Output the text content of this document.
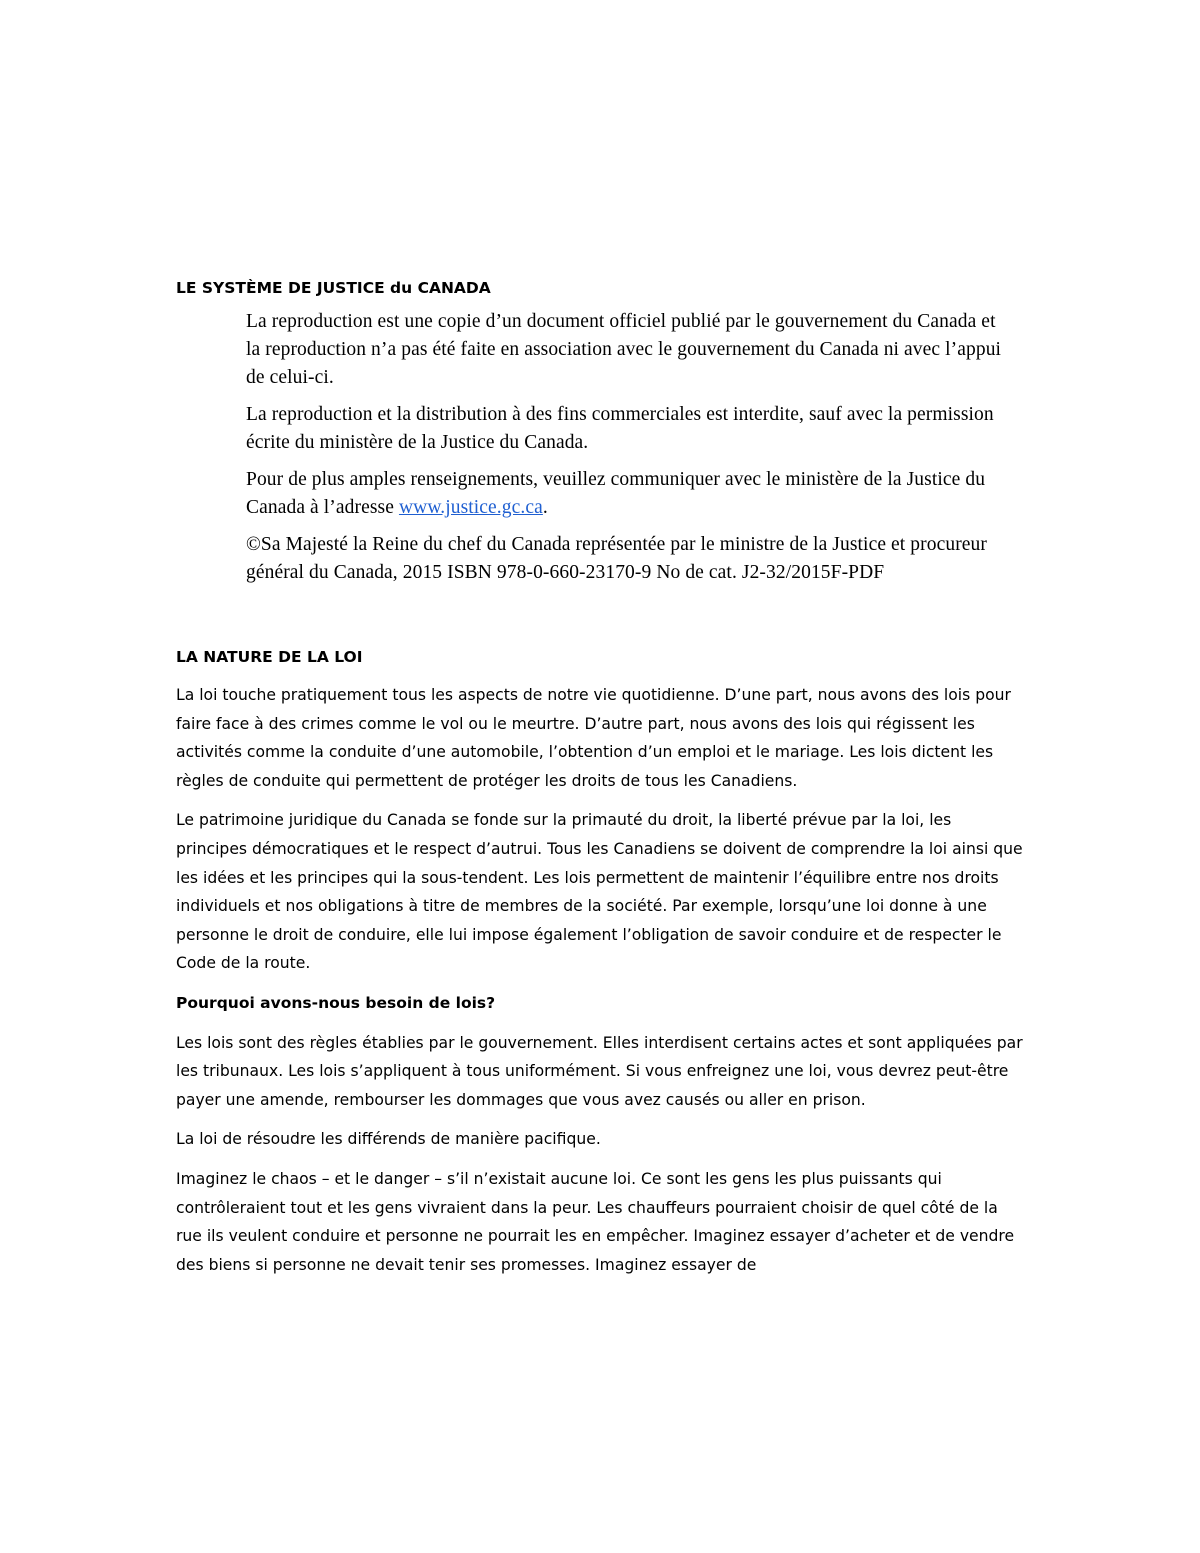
LE SYSTÈME DE JUSTICE du CANADA

La reproduction est une copie d’un document officiel publié par le gouvernement du Canada et la reproduction n’a pas été faite en association avec le gouvernement du Canada ni avec l’appui de celui-ci.

La reproduction et la distribution à des fins commerciales est interdite, sauf avec la permission écrite du ministère de la Justice du Canada.

Pour de plus amples renseignements, veuillez communiquer avec le ministère de la Justice du Canada à l’adresse www.justice.gc.ca.

©Sa Majesté la Reine du chef du Canada représentée par le ministre de la Justice et procureur général du Canada, 2015 ISBN 978-0-660-23170-9 No de cat. J2-32/2015F-PDF

LA NATURE DE LA LOI

La loi touche pratiquement tous les aspects de notre vie quotidienne. D’une part, nous avons des lois pour faire face à des crimes comme le vol ou le meurtre. D’autre part, nous avons des lois qui régissent les activités comme la conduite d’une automobile, l’obtention d’un emploi et le mariage. Les lois dictent les règles de conduite qui permettent de protéger les droits de tous les Canadiens.

Le patrimoine juridique du Canada se fonde sur la primauté du droit, la liberté prévue par la loi, les principes démocratiques et le respect d’autrui. Tous les Canadiens se doivent de comprendre la loi ainsi que les idées et les principes qui la sous-tendent. Les lois permettent de maintenir l’équilibre entre nos droits individuels et nos obligations à titre de membres de la société. Par exemple, lorsqu’une loi donne à une personne le droit de conduire, elle lui impose également l’obligation de savoir conduire et de respecter le Code de la route.

Pourquoi avons-nous besoin de lois?

Les lois sont des règles établies par le gouvernement. Elles interdisent certains actes et sont appliquées par les tribunaux. Les lois s’appliquent à tous uniformément. Si vous enfreignez une loi, vous devrez peut-être payer une amende, rembourser les dommages que vous avez causés ou aller en prison.

La loi de résoudre les différends de manière pacifique.

Imaginez le chaos – et le danger – s’il n’existait aucune loi. Ce sont les gens les plus puissants qui contrôleraient tout et les gens vivraient dans la peur. Les chauffeurs pourraient choisir de quel côté de la rue ils veulent conduire et personne ne pourrait les en empêcher. Imaginez essayer d’acheter et de vendre des biens si personne ne devait tenir ses promesses. Imaginez essayer de
